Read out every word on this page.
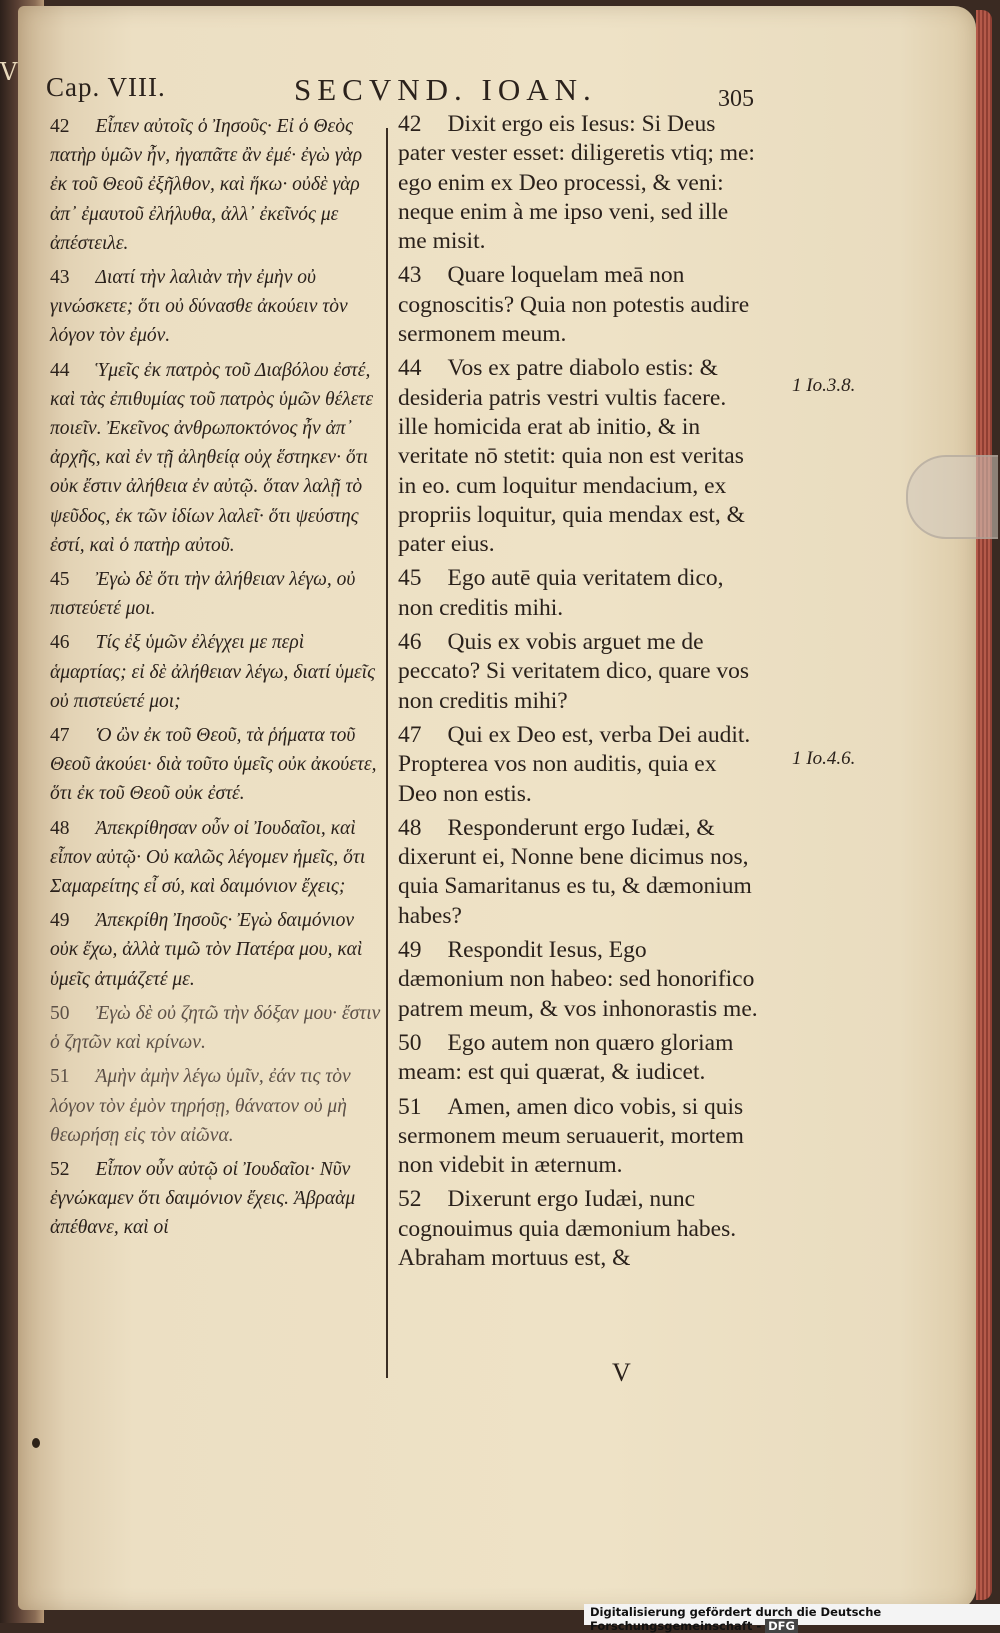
V Cap. VIII.	SECVND. IOAN.	305

42 Εἶπεν αὐτοῖς ὁ Ἰησοῦς· Εἰ ὁ Θεὸς πατὴρ ὑμῶν ἦν, ἠγαπᾶτε ἂν ἐμέ· ἐγὼ γὰρ ἐκ τοῦ Θεοῦ ἐξῆλθον, καὶ ἥκω· οὐδὲ γὰρ ἀπ᾽ ἐμαυτοῦ ἐλήλυθα, ἀλλ᾽ ἐκεῖνός με ἀπέστειλε.

43 Διατί τὴν λαλιὰν τὴν ἐμὴν οὐ γινώσκετε; ὅτι οὐ δύνασθε ἀκούειν τὸν λόγον τὸν ἐμόν.

44 Ὑμεῖς ἐκ πατρὸς τοῦ Διαβόλου ἐστέ, καὶ τὰς ἐπιθυμίας τοῦ πατρὸς ὑμῶν θέλετε ποιεῖν. Ἐκεῖνος ἀνθρωποκτόνος ἦν ἀπ᾽ ἀρχῆς, καὶ ἐν τῇ ἀληθείᾳ οὐχ ἕστηκεν· ὅτι οὐκ ἔστιν ἀλήθεια ἐν αὐτῷ. ὅταν λαλῇ τὸ ψεῦδος, ἐκ τῶν ἰδίων λαλεῖ· ὅτι ψεύστης ἐστί, καὶ ὁ πατὴρ αὐτοῦ.

45 Ἐγὼ δὲ ὅτι τὴν ἀλήθειαν λέγω, οὐ πιστεύετέ μοι.

46 Τίς ἐξ ὑμῶν ἐλέγχει με περὶ ἁμαρτίας; εἰ δὲ ἀλήθειαν λέγω, διατί ὑμεῖς οὐ πιστεύετέ μοι;

47 Ὁ ὢν ἐκ τοῦ Θεοῦ, τὰ ῥήματα τοῦ Θεοῦ ἀκούει· διὰ τοῦτο ὑμεῖς οὐκ ἀκούετε, ὅτι ἐκ τοῦ Θεοῦ οὐκ ἐστέ.

48 Ἀπεκρίθησαν οὖν οἱ Ἰουδαῖοι, καὶ εἶπον αὐτῷ· Οὐ καλῶς λέγομεν ἡμεῖς, ὅτι Σαμαρείτης εἶ σύ, καὶ δαιμόνιον ἔχεις;

49 Ἀπεκρίθη Ἰησοῦς· Ἐγὼ δαιμόνιον οὐκ ἔχω, ἀλλὰ τιμῶ τὸν Πατέρα μου, καὶ ὑμεῖς ἀτιμάζετέ με.

50 Ἐγὼ δὲ οὐ ζητῶ τὴν δόξαν μου· ἔστιν ὁ ζητῶν καὶ κρίνων.

51 Ἀμὴν ἀμὴν λέγω ὑμῖν, ἐάν τις τὸν λόγον τὸν ἐμὸν τηρήσῃ, θάνατον οὐ μὴ θεωρήσῃ εἰς τὸν αἰῶνα.

52 Εἶπον οὖν αὐτῷ οἱ Ἰουδαῖοι· Νῦν ἐγνώκαμεν ὅτι δαιμόνιον ἔχεις. Ἀβραὰμ ἀπέθανε, καὶ οἱ

42 Dixit ergo eis Iesus: Si Deus pater vester esset: diligeretis vtiq; me: ego enim ex Deo processi, & veni: neque enim à me ipso veni, sed ille me misit.

43 Quare loquelam meā non cognoscitis? Quia non potestis audire sermonem meum.

44 Vos ex patre diabolo estis: & desideria patris vestri vultis facere. ille homicida erat ab initio, & in veritate nō stetit: quia non est veritas in eo. cum loquitur mendacium, ex propriis loquitur, quia mendax est, & pater eius.

45 Ego autē quia veritatem dico, non creditis mihi.

46 Quis ex vobis arguet me de peccato? Si veritatem dico, quare vos non creditis mihi?

47 Qui ex Deo est, verba Dei audit. Propterea vos non auditis, quia ex Deo non estis.

48 Responderunt ergo Iudæi, & dixerunt ei, Nonne bene dicimus nos, quia Samaritanus es tu, & dæmonium habes?

49 Respondit Iesus, Ego dæmonium non habeo: sed honorifico patrem meum, & vos inhonorastis me.

50 Ego autem non quæro gloriam meam: est qui quærat, & iudicet.

51 Amen, amen dico vobis, si quis sermonem meum seruauerit, mortem non videbit in æternum.

52 Dixerunt ergo Iudæi, nunc cognouimus quia dæmonium habes. Abraham mortuus est, &

1 Io.3.8.
1 Io.4.6.
V
Digitalisierung gefördert durch die Deutsche Forschungsgemeinschaft - DFG
